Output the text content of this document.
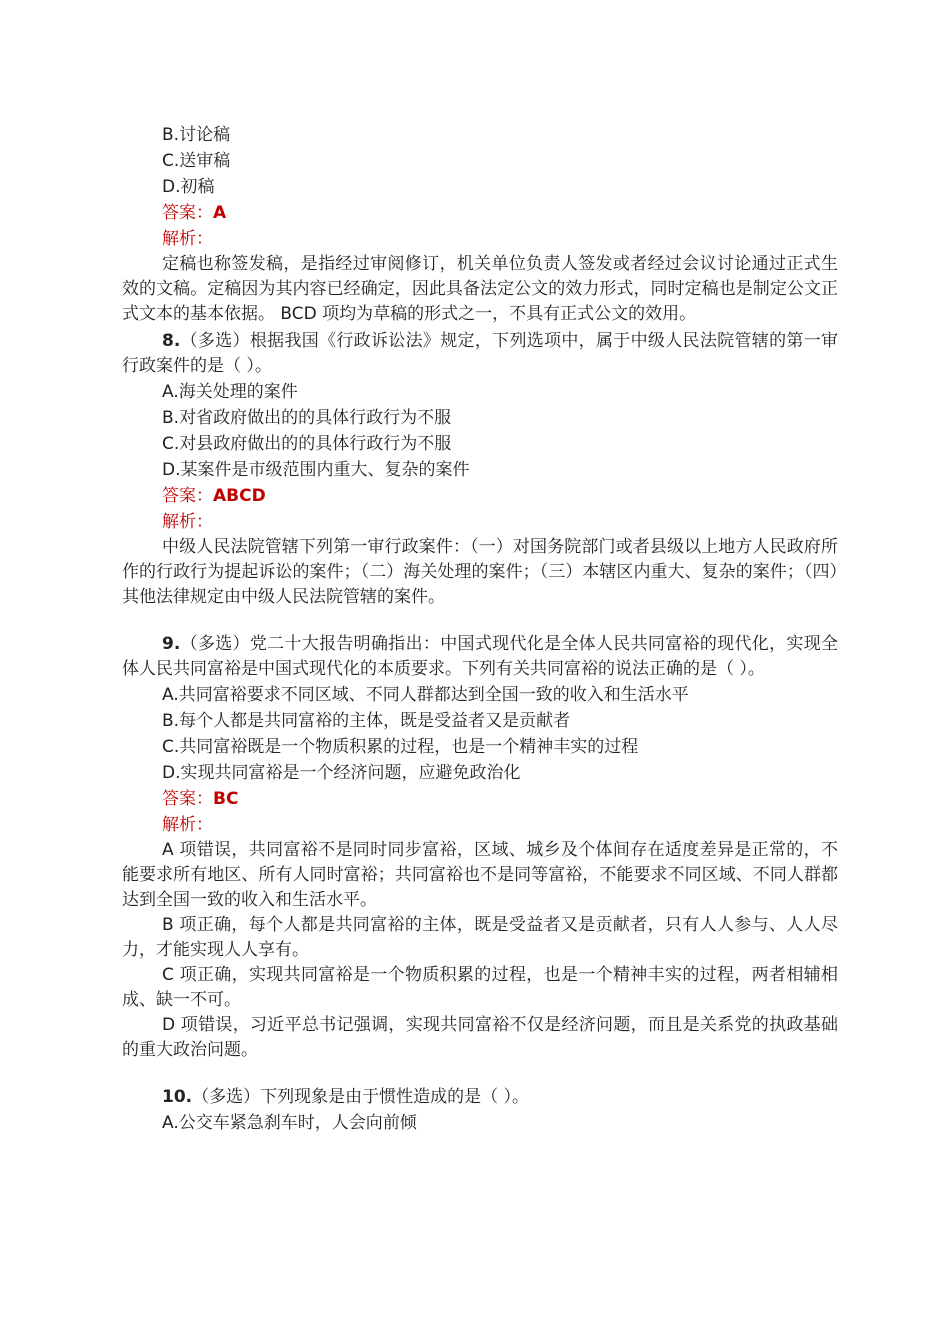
B.讨论稿
C.送审稿
D.初稿
答案：A
解析：
定稿也称签发稿，是指经过审阅修订，机关单位负责人签发或者经过会议讨论通过正式生效的文稿。定稿因为其内容已经确定，因此具备法定公文的效力形式，同时定稿也是制定公文正式文本的基本依据。 BCD 项均为草稿的形式之一，不具有正式公文的效用。
8.（多选）根据我国《行政诉讼法》规定，下列选项中，属于中级人民法院管辖的第一审行政案件的是（ ）。
A.海关处理的案件
B.对省政府做出的的具体行政行为不服
C.对县政府做出的的具体行政行为不服
D.某案件是市级范围内重大、复杂的案件
答案：ABCD
解析：
中级人民法院管辖下列第一审行政案件：（一）对国务院部门或者县级以上地方人民政府所作的行政行为提起诉讼的案件；（二）海关处理的案件；（三）本辖区内重大、复杂的案件；（四）其他法律规定由中级人民法院管辖的案件。
9.（多选）党二十大报告明确指出：中国式现代化是全体人民共同富裕的现代化，实现全体人民共同富裕是中国式现代化的本质要求。下列有关共同富裕的说法正确的是（ ）。
A.共同富裕要求不同区域、不同人群都达到全国一致的收入和生活水平
B.每个人都是共同富裕的主体，既是受益者又是贡献者
C.共同富裕既是一个物质积累的过程，也是一个精神丰实的过程
D.实现共同富裕是一个经济问题，应避免政治化
答案：BC
解析：
A 项错误，共同富裕不是同时同步富裕，区域、城乡及个体间存在适度差异是正常的，不能要求所有地区、所有人同时富裕；共同富裕也不是同等富裕，不能要求不同区域、不同人群都达到全国一致的收入和生活水平。
B 项正确，每个人都是共同富裕的主体，既是受益者又是贡献者，只有人人参与、人人尽力，才能实现人人享有。
C 项正确，实现共同富裕是一个物质积累的过程，也是一个精神丰实的过程，两者相辅相成、缺一不可。
D 项错误，习近平总书记强调，实现共同富裕不仅是经济问题，而且是关系党的执政基础的重大政治问题。
10.（多选）下列现象是由于惯性造成的是（ ）。
A.公交车紧急刹车时，人会向前倾
